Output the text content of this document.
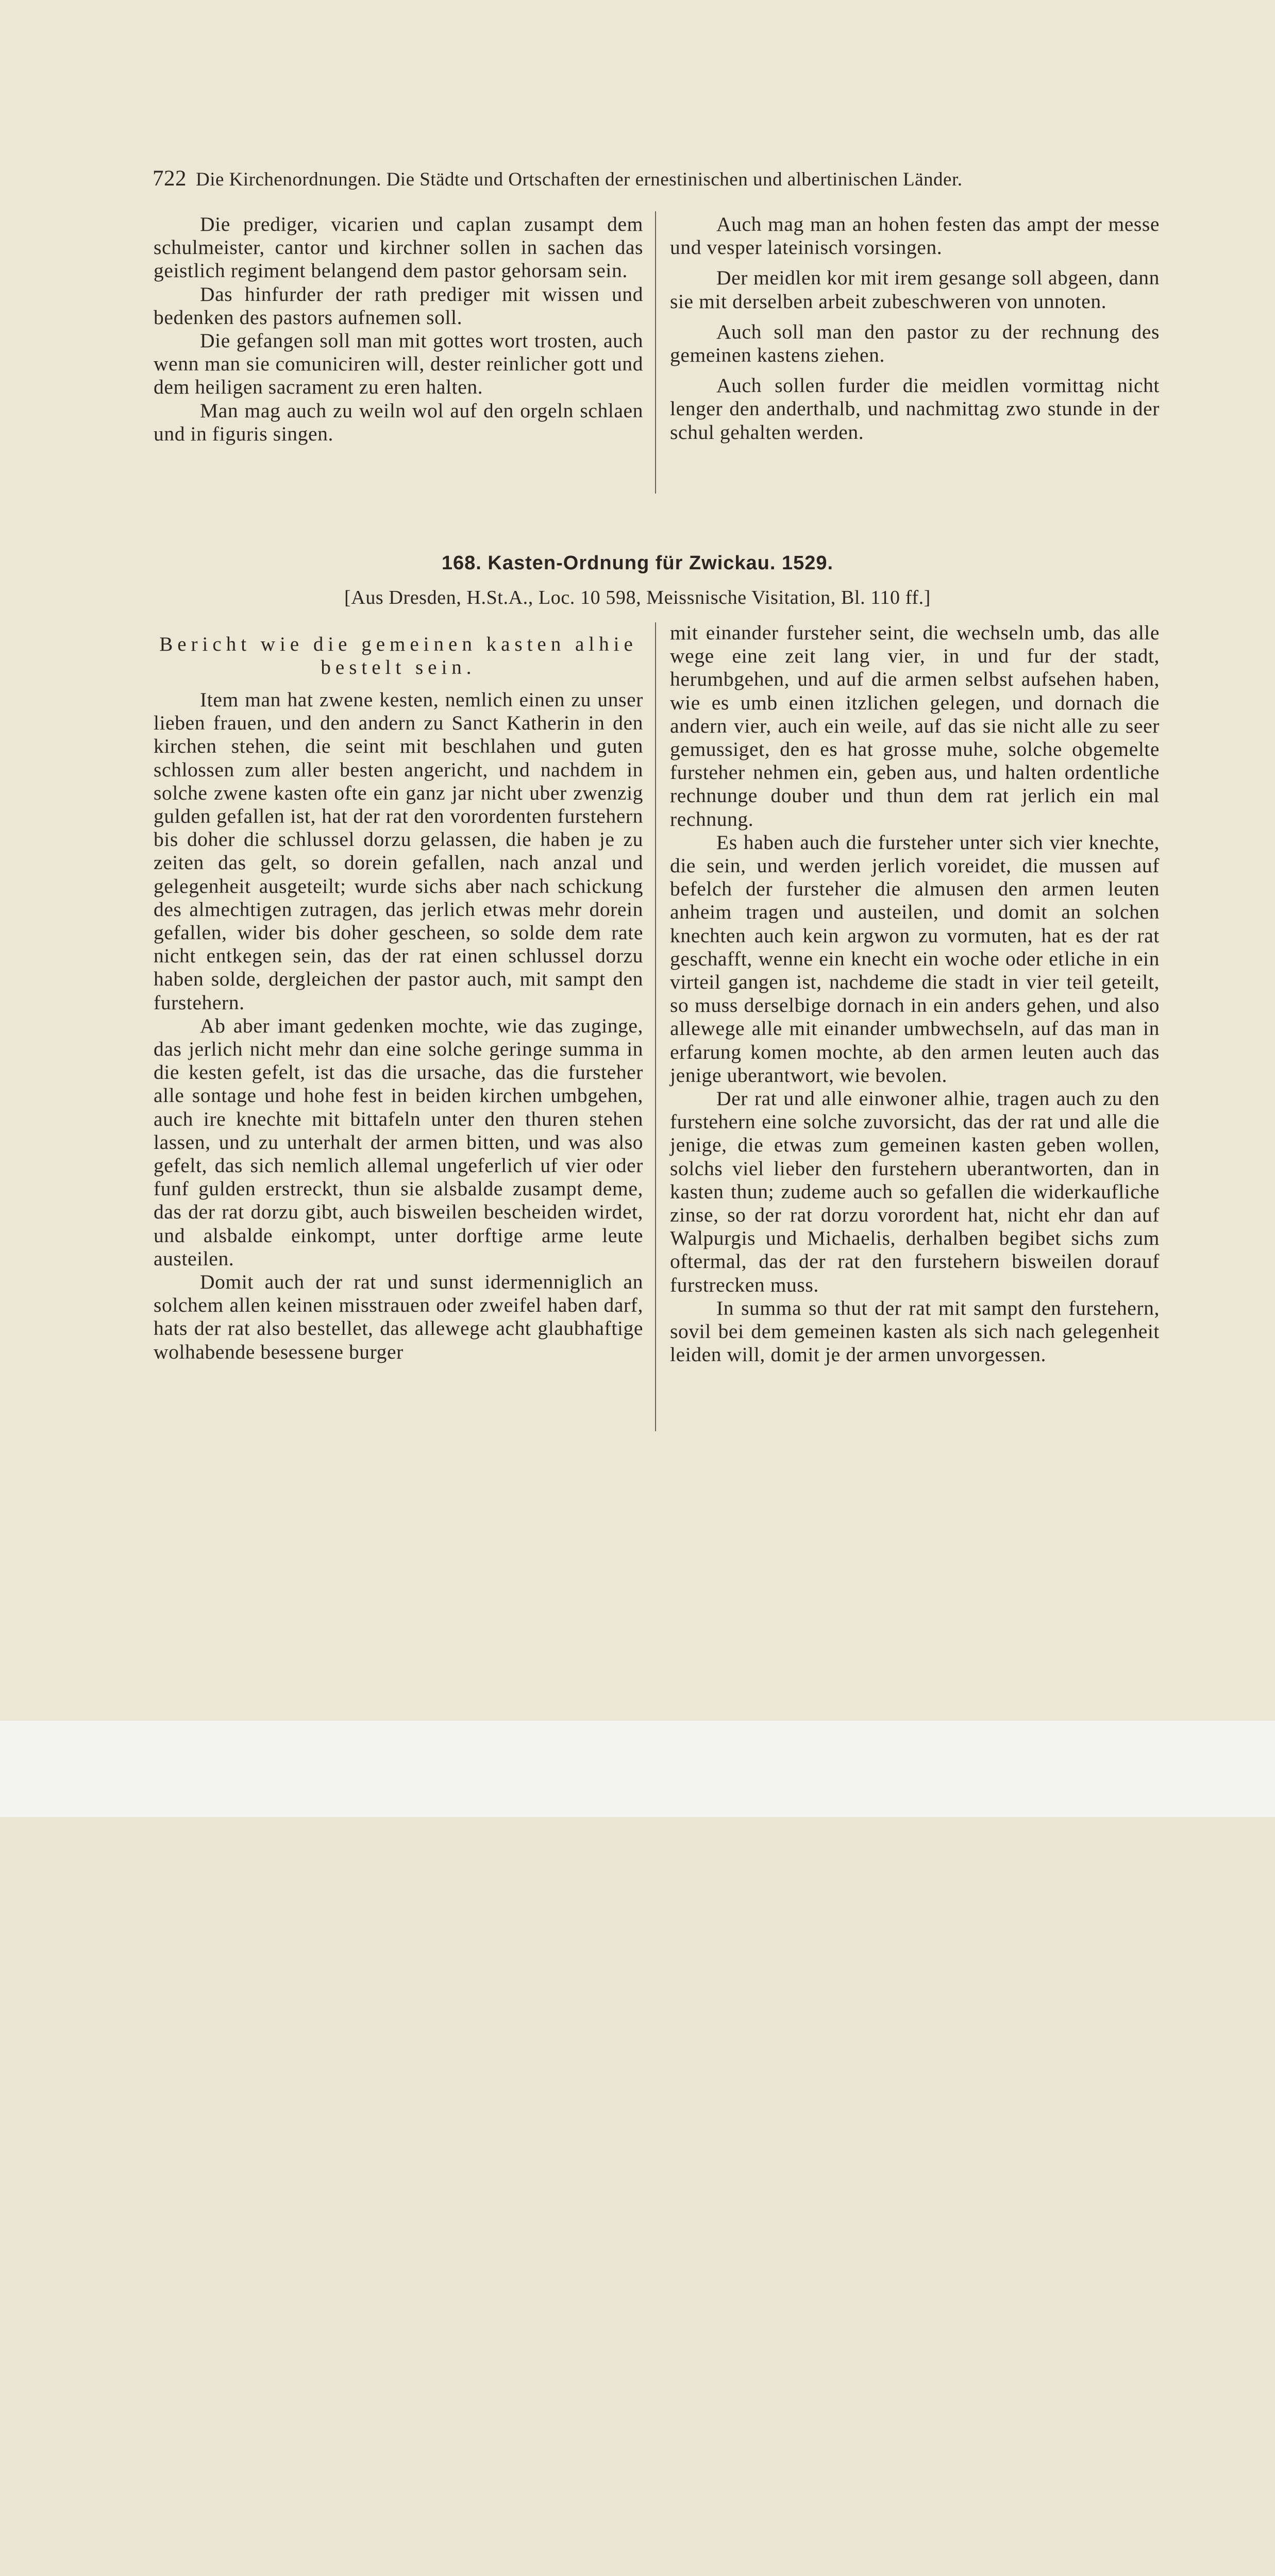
722 Die Kirchenordnungen. Die Städte und Ortschaften der ernestinischen und albertinischen Länder.

Die prediger, vicarien und caplan zusampt dem schulmeister, cantor und kirchner sollen in sachen das geistlich regiment belangend dem pastor gehorsam sein.

Das hinfurder der rath prediger mit wissen und bedenken des pastors aufnemen soll.

Die gefangen soll man mit gottes wort trosten, auch wenn man sie comuniciren will, dester reinlicher gott und dem heiligen sacrament zu eren halten.

Man mag auch zu weiln wol auf den orgeln schlaen und in figuris singen.

Auch mag man an hohen festen das ampt der messe und vesper lateinisch vorsingen.

Der meidlen kor mit irem gesange soll abgeen, dann sie mit derselben arbeit zubeschweren von unnoten.

Auch soll man den pastor zu der rechnung des gemeinen kastens ziehen.

Auch sollen furder die meidlen vormittag nicht lenger den anderthalb, und nachmittag zwo stunde in der schul gehalten werden.

168. Kasten-Ordnung für Zwickau. 1529.
[Aus Dresden, H.St.A., Loc. 10 598, Meissnische Visitation, Bl. 110 ff.]
Bericht wie die gemeinen kasten alhie
bestelt sein.

Item man hat zwene kesten, nemlich einen zu unser lieben frauen, und den andern zu Sanct Katherin in den kirchen stehen, die seint mit beschlahen und guten schlossen zum aller besten angericht, und nachdem in solche zwene kasten ofte ein ganz jar nicht uber zwenzig gulden gefallen ist, hat der rat den vorordenten furstehern bis doher die schlussel dorzu gelassen, die haben je zu zeiten das gelt, so dorein gefallen, nach anzal und gelegenheit ausgeteilt; wurde sichs aber nach schickung des almechtigen zutragen, das jerlich etwas mehr dorein gefallen, wider bis doher gescheen, so solde dem rate nicht entkegen sein, das der rat einen schlussel dorzu haben solde, dergleichen der pastor auch, mit sampt den furstehern.

Ab aber imant gedenken mochte, wie das zuginge, das jerlich nicht mehr dan eine solche geringe summa in die kesten gefelt, ist das die ursache, das die fursteher alle sontage und hohe fest in beiden kirchen umbgehen, auch ire knechte mit bittafeln unter den thuren stehen lassen, und zu unterhalt der armen bitten, und was also gefelt, das sich nemlich allemal ungeferlich uf vier oder funf gulden erstreckt, thun sie alsbalde zusampt deme, das der rat dorzu gibt, auch bisweilen bescheiden wirdet, und alsbalde einkompt, unter dorftige arme leute austeilen.

Domit auch der rat und sunst idermenniglich an solchem allen keinen misstrauen oder zweifel haben darf, hats der rat also bestellet, das allewege acht glaubhaftige wolhabende besessene burger

mit einander fursteher seint, die wechseln umb, das alle wege eine zeit lang vier, in und fur der stadt, herumbgehen, und auf die armen selbst aufsehen haben, wie es umb einen itzlichen gelegen, und dornach die andern vier, auch ein weile, auf das sie nicht alle zu seer gemussiget, den es hat grosse muhe, solche obgemelte fursteher nehmen ein, geben aus, und halten ordentliche rechnunge douber und thun dem rat jerlich ein mal rechnung.

Es haben auch die fursteher unter sich vier knechte, die sein, und werden jerlich voreidet, die mussen auf befelch der fursteher die almusen den armen leuten anheim tragen und austeilen, und domit an solchen knechten auch kein argwon zu vormuten, hat es der rat geschafft, wenne ein knecht ein woche oder etliche in ein virteil gangen ist, nachdeme die stadt in vier teil geteilt, so muss derselbige dornach in ein anders gehen, und also allewege alle mit einander umbwechseln, auf das man in erfarung komen mochte, ab den armen leuten auch das jenige uberantwort, wie bevolen.

Der rat und alle einwoner alhie, tragen auch zu den furstehern eine solche zuvorsicht, das der rat und alle die jenige, die etwas zum gemeinen kasten geben wollen, solchs viel lieber den furstehern uberantworten, dan in kasten thun; zudeme auch so gefallen die widerkaufliche zinse, so der rat dorzu vorordent hat, nicht ehr dan auf Walpurgis und Michaelis, derhalben begibet sichs zum oftermal, das der rat den furstehern bisweilen dorauf furstrecken muss.

In summa so thut der rat mit sampt den furstehern, sovil bei dem gemeinen kasten als sich nach gelegenheit leiden will, domit je der armen unvorgessen.
